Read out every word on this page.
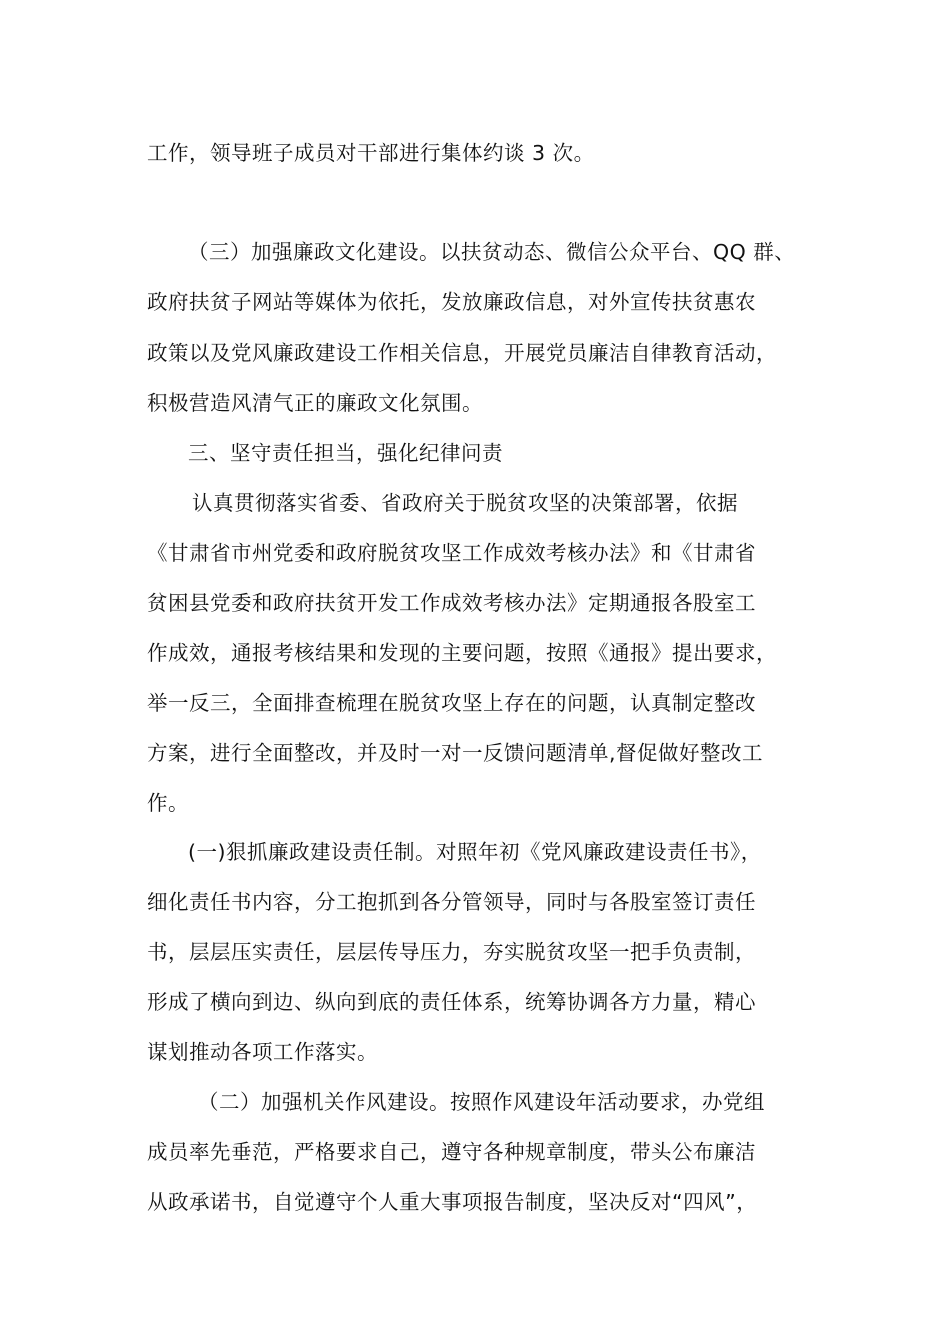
工作，领导班子成员对干部进行集体约谈 3 次。
（三）加强廉政文化建设。以扶贫动态、微信公众平台、QQ 群、
政府扶贫子网站等媒体为依托，发放廉政信息，对外宣传扶贫惠农
政策以及党风廉政建设工作相关信息，开展党员廉洁自律教育活动，
积极营造风清气正的廉政文化氛围。
三、坚守责任担当，强化纪律问责
认真贯彻落实省委、省政府关于脱贫攻坚的决策部署，依据
《甘肃省市州党委和政府脱贫攻坚工作成效考核办法》和《甘肃省
贫困县党委和政府扶贫开发工作成效考核办法》定期通报各股室工
作成效，通报考核结果和发现的主要问题，按照《通报》提出要求，
举一反三，全面排查梳理在脱贫攻坚上存在的问题，认真制定整改
方案，进行全面整改，并及时一对一反馈问题清单,督促做好整改工
作。
(一)狠抓廉政建设责任制。对照年初《党风廉政建设责任书》，
细化责任书内容，分工抱抓到各分管领导，同时与各股室签订责任
书，层层压实责任，层层传导压力，夯实脱贫攻坚一把手负责制，
形成了横向到边、纵向到底的责任体系，统筹协调各方力量，精心
谋划推动各项工作落实。
（二）加强机关作风建设。按照作风建设年活动要求，办党组
成员率先垂范，严格要求自己，遵守各种规章制度，带头公布廉洁
从政承诺书，自觉遵守个人重大事项报告制度，坚决反对“四风”，
